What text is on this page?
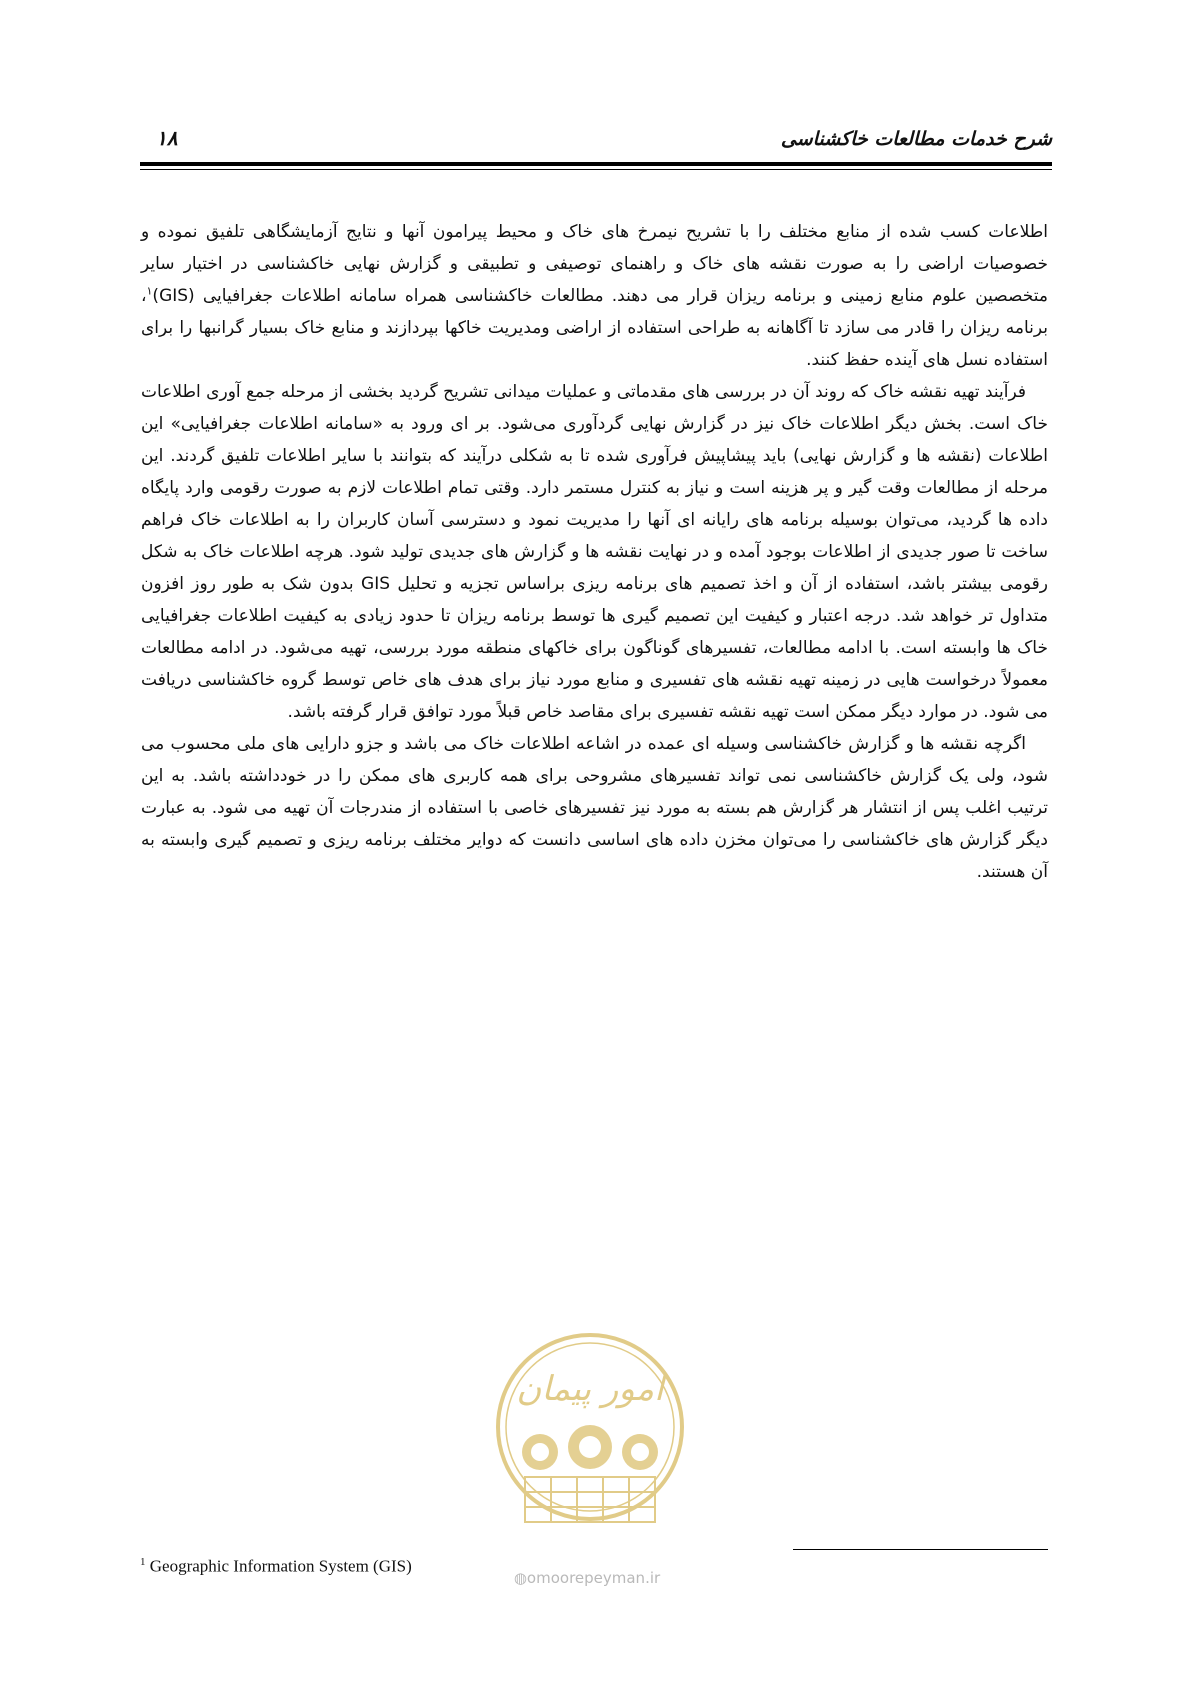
شرح خدمات مطالعات خاکشناسی
۱۸

اطلاعات کسب شده از منابع مختلف را با تشریح نیمرخ های خاک و محیط پیرامون آنها و نتایج آزمایشگاهی تلفیق نموده و خصوصیات اراضی را به صورت نقشه های خاک و راهنمای توصیفی و تطبیقی و گزارش نهایی خاکشناسی در اختیار سایر متخصصین علوم منابع زمینی و برنامه ریزان قرار می دهند. مطالعات خاکشناسی همراه سامانه اطلاعات جغرافیایی (GIS)$^۱$، برنامه ریزان را قادر می سازد تا آگاهانه به طراحی استفاده از اراضی ومدیریت خاکها بپردازند و منابع خاک بسیار گرانبها را برای استفاده نسل های آینده حفظ کنند.

فرآیند تهیه نقشه خاک که روند آن در بررسی های مقدماتی و عملیات میدانی تشریح گردید بخشی از مرحله جمع آوری اطلاعات خاک است. بخش دیگر اطلاعات خاک نیز در گزارش نهایی گردآوری می‌شود. بر ای ورود به «سامانه اطلاعات جغرافیایی» این اطلاعات (نقشه ها و گزارش نهایی) باید پیشاپیش فرآوری شده تا به شکلی درآیند که بتوانند با سایر اطلاعات تلفیق گردند. این مرحله از مطالعات وقت گیر و پر هزینه است و نیاز به کنترل مستمر دارد. وقتی تمام اطلاعات لازم به صورت رقومی وارد پایگاه داده ها گردید، می‌توان بوسیله برنامه های رایانه ای آنها را مدیریت نمود و دسترسی آسان کاربران را به اطلاعات خاک فراهم ساخت تا صور جدیدی از اطلاعات بوجود آمده و در نهایت نقشه ها و گزارش های جدیدی تولید شود. هرچه اطلاعات خاک به شکل رقومی بیشتر باشد، استفاده از آن و اخذ تصمیم های برنامه ریزی براساس تجزیه و تحلیل GIS بدون شک به طور روز افزون متداول تر خواهد شد. درجه اعتبار و کیفیت این تصمیم گیری ها توسط برنامه ریزان تا حدود زیادی به کیفیت اطلاعات جغرافیایی خاک ها وابسته است. با ادامه مطالعات، تفسیرهای گوناگون برای خاکهای منطقه مورد بررسی، تهیه می‌شود. در ادامه مطالعات معمولاً درخواست هایی در زمینه تهیه نقشه های تفسیری و منابع مورد نیاز برای هدف های خاص توسط گروه خاکشناسی دریافت می شود. در موارد دیگر ممکن است تهیه نقشه تفسیری برای مقاصد خاص قبلاً مورد توافق قرار گرفته باشد.

اگرچه نقشه ها و گزارش خاکشناسی وسیله ای عمده در اشاعه اطلاعات خاک می باشد و جزو دارایی های ملی محسوب می شود، ولی یک گزارش خاکشناسی نمی تواند تفسیرهای مشروحی برای همه کاربری های ممکن را در خودداشته باشد. به این ترتیب اغلب پس از انتشار هر گزارش هم بسته به مورد نیز تفسیرهای خاصی با استفاده از مندرجات آن تهیه می شود. به عبارت دیگر گزارش های خاکشناسی را می‌توان مخزن داده های اساسی دانست که دوایر مختلف برنامه ریزی و تصمیم گیری وابسته به آن هستند.

امور پیمان
◍omoorepeyman.ir
$^1$ Geographic Information System (GIS)
